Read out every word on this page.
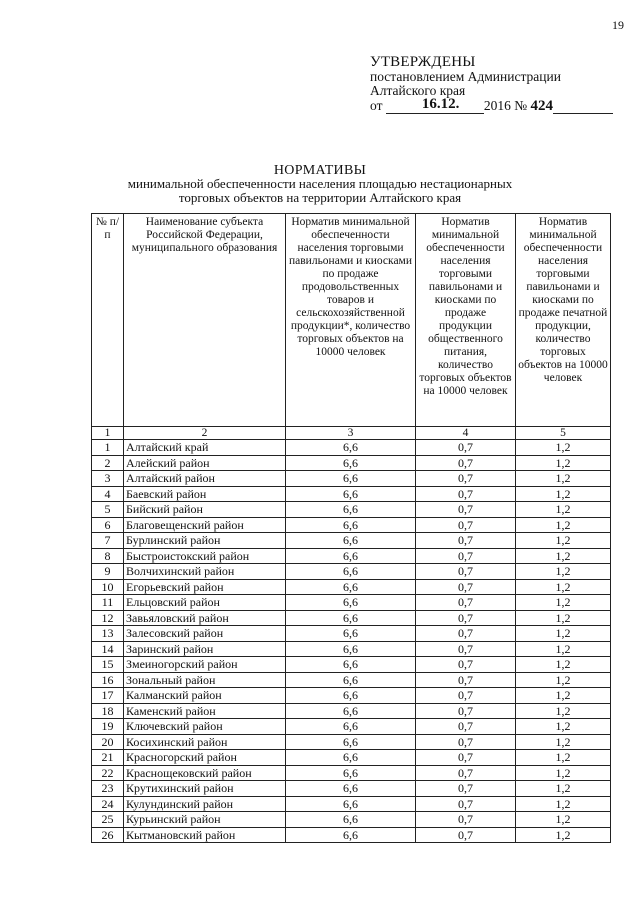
19
УТВЕРЖДЕНЫ
постановлением Администрации
Алтайского края
от	16.12. 2016 № 424
НОРМАТИВЫ
минимальной обеспеченности населения площадью нестационарных торговых объектов на территории Алтайского края
№ п/п	Наименование субъекта Российской Федерации, муниципального образования	Норматив минимальной обеспеченности населения торговыми павильонами и киосками по продаже продовольственных товаров и сельскохозяйственной продукции*, количество торговых объектов на 10000 человек	Норматив минимальной обеспеченности населения торговыми павильонами и киосками по продаже продукции общественного питания, количество торговых объектов на 10000 человек	Норматив минимальной обеспеченности населения торговыми павильонами и киосками по продаже печатной продукции, количество торговых объектов на 10000 человек
1	2	3	4	5
1	Алтайский край	6,6	0,7	1,2
2	Алейский район	6,6	0,7	1,2
3	Алтайский район	6,6	0,7	1,2
4	Баевский район	6,6	0,7	1,2
5	Бийский район	6,6	0,7	1,2
6	Благовещенский район	6,6	0,7	1,2
7	Бурлинский район	6,6	0,7	1,2
8	Быстроистокский район	6,6	0,7	1,2
9	Волчихинский район	6,6	0,7	1,2
10	Егорьевский район	6,6	0,7	1,2
11	Ельцовский район	6,6	0,7	1,2
12	Завьяловский район	6,6	0,7	1,2
13	Залесовский район	6,6	0,7	1,2
14	Заринский район	6,6	0,7	1,2
15	Змеиногорский район	6,6	0,7	1,2
16	Зональный район	6,6	0,7	1,2
17	Калманский район	6,6	0,7	1,2
18	Каменский район	6,6	0,7	1,2
19	Ключевский район	6,6	0,7	1,2
20	Косихинский район	6,6	0,7	1,2
21	Красногорский район	6,6	0,7	1,2
22	Краснощековский район	6,6	0,7	1,2
23	Крутихинский район	6,6	0,7	1,2
24	Кулундинский район	6,6	0,7	1,2
25	Курьинский район	6,6	0,7	1,2
26	Кытмановский район	6,6	0,7	1,2
